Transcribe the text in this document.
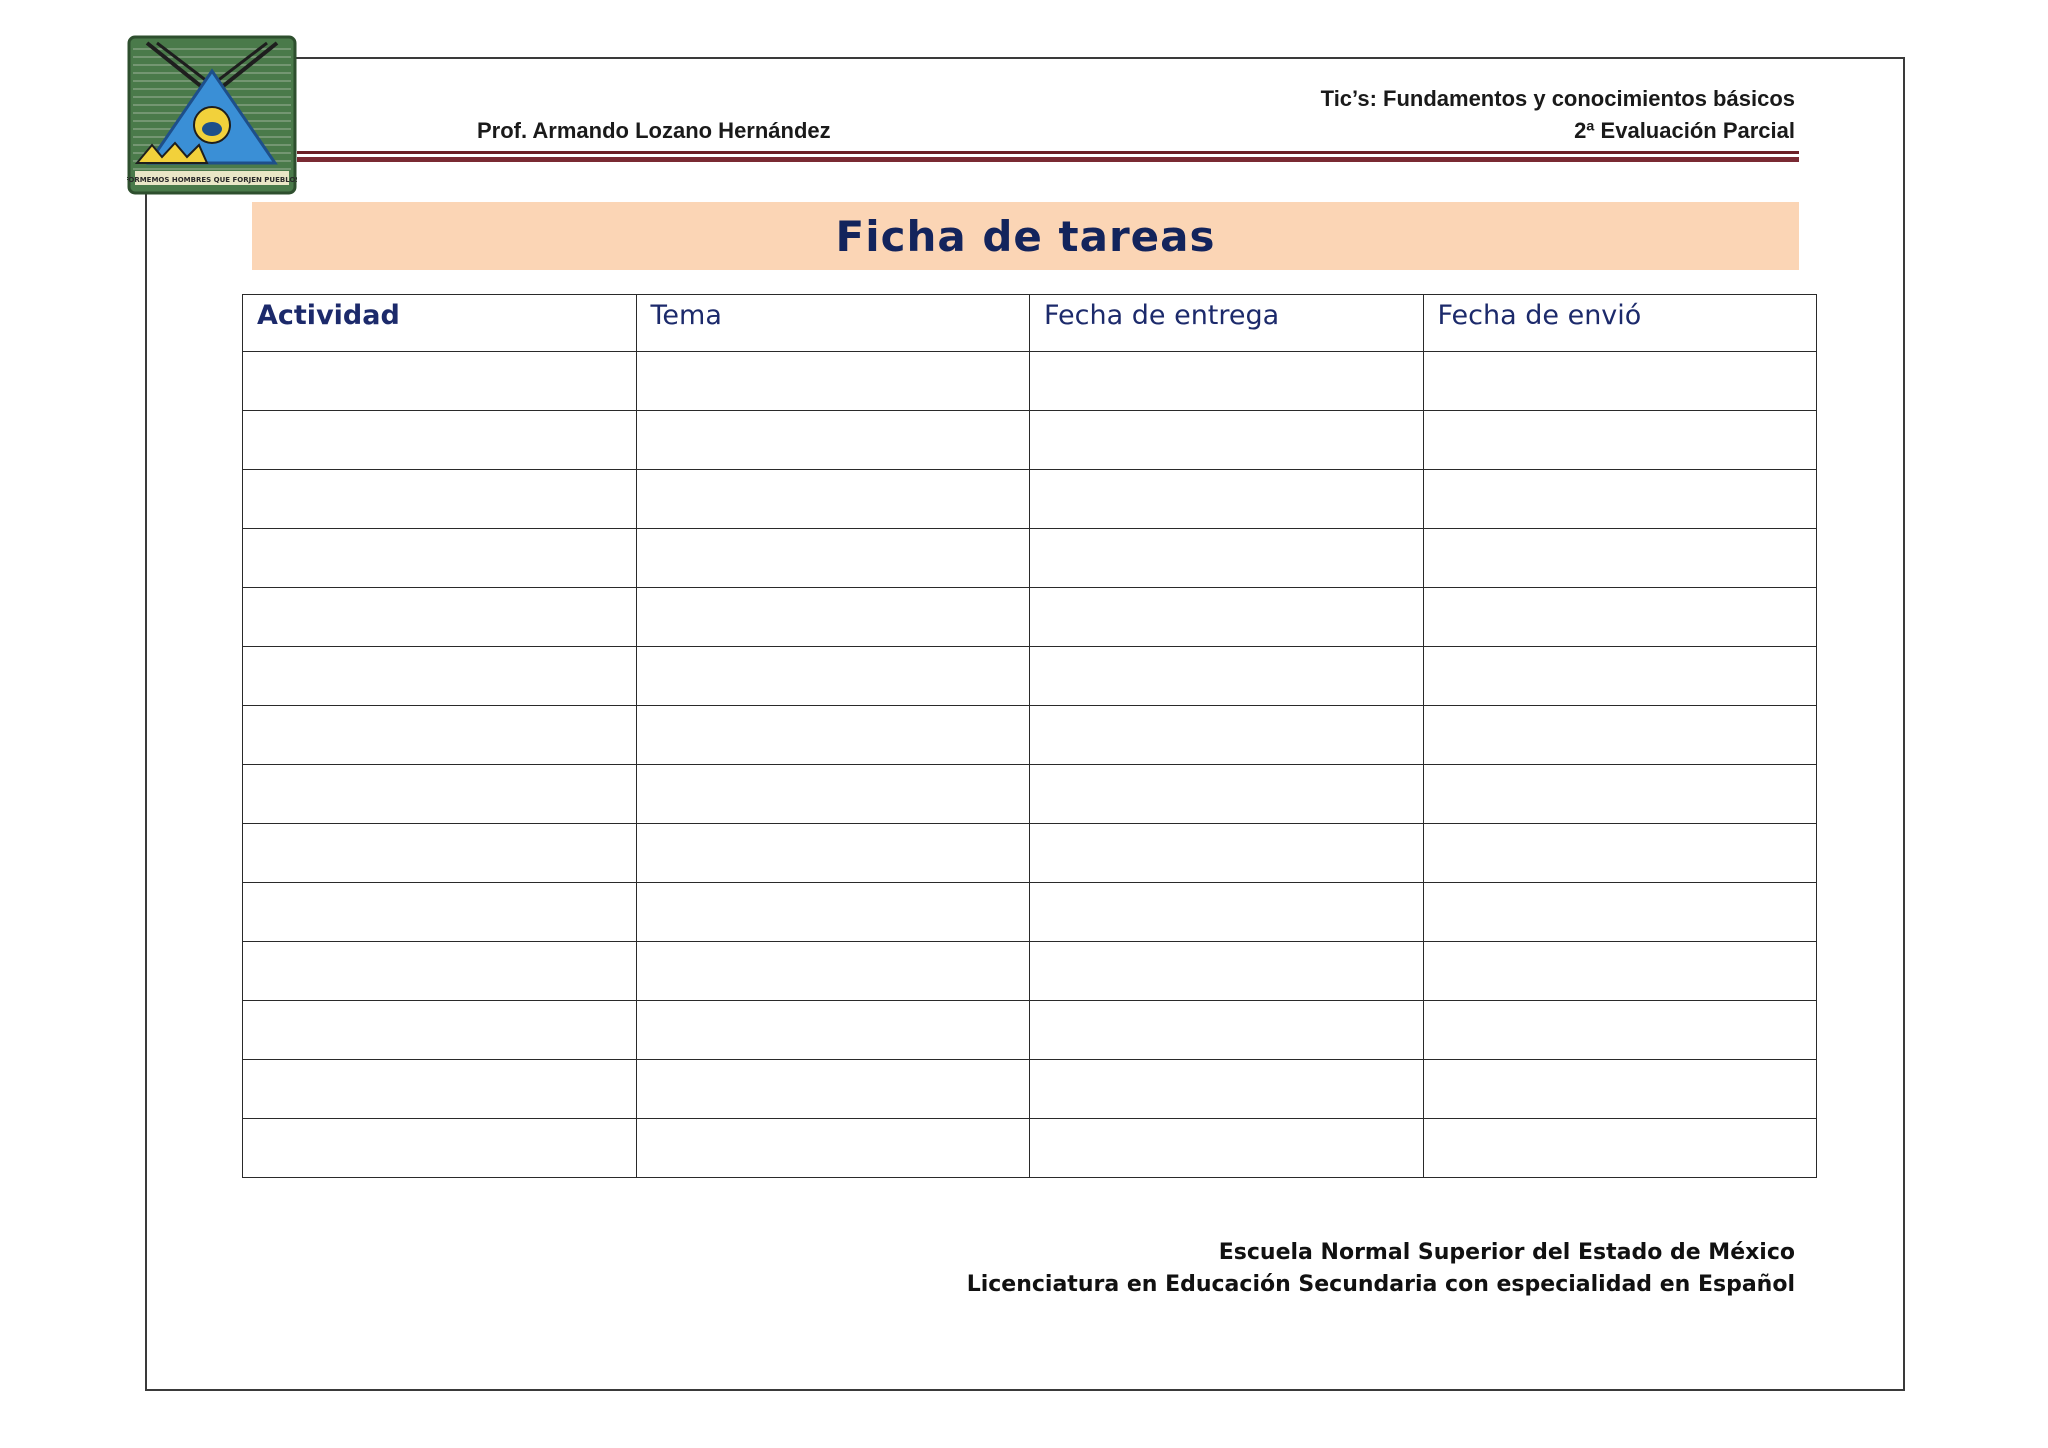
FORMEMOS HOMBRES QUE FORJEN PUEBLOS
Tic’s: Fundamentos y conocimientos básicos
2ª Evaluación Parcial
Prof. Armando Lozano Hernández
Ficha de tareas
Actividad	Tema	Fecha de entrega	Fecha de envió

Escuela Normal Superior del Estado de México
Licenciatura en Educación Secundaria con especialidad en Español
